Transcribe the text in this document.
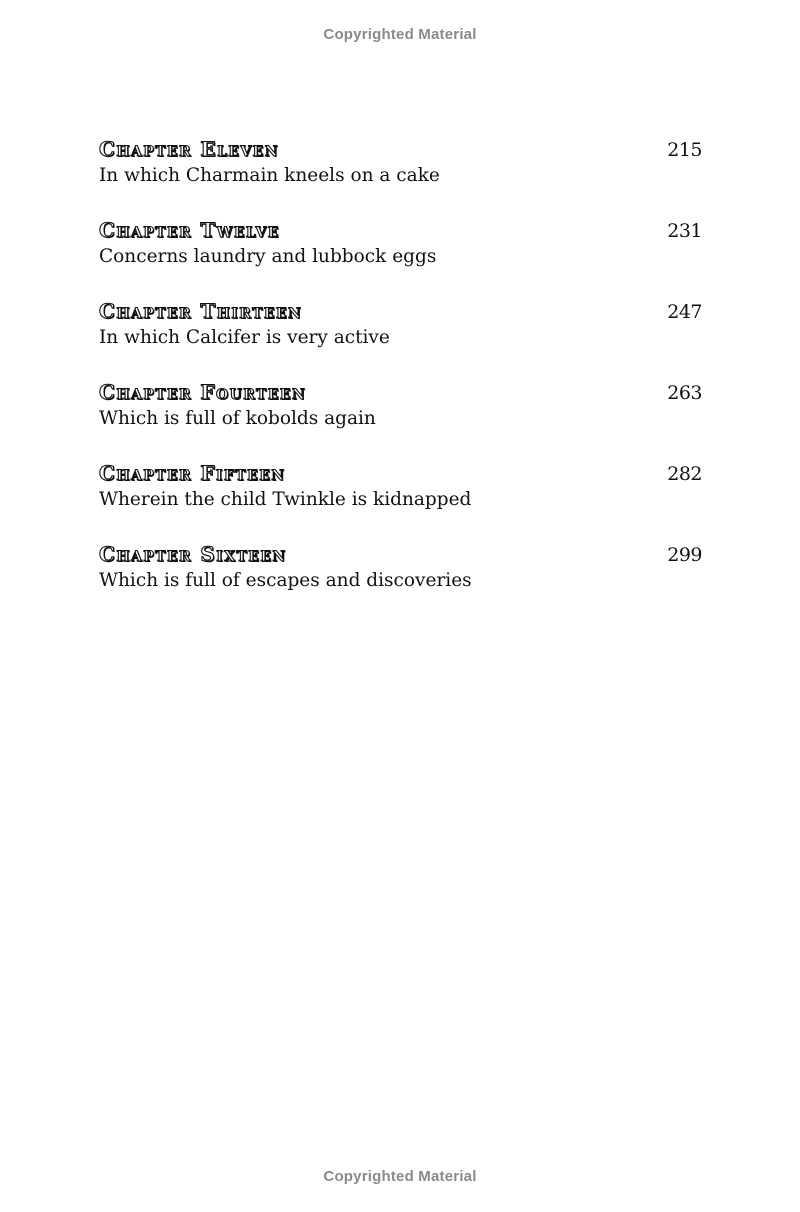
Copyrighted Material
Chapter Eleven	215
In which Charmain kneels on a cake
Chapter Twelve	231
Concerns laundry and lubbock eggs
Chapter Thirteen	247
In which Calcifer is very active
Chapter Fourteen	263
Which is full of kobolds again
Chapter Fifteen	282
Wherein the child Twinkle is kidnapped
Chapter Sixteen	299
Which is full of escapes and discoveries
Copyrighted Material
